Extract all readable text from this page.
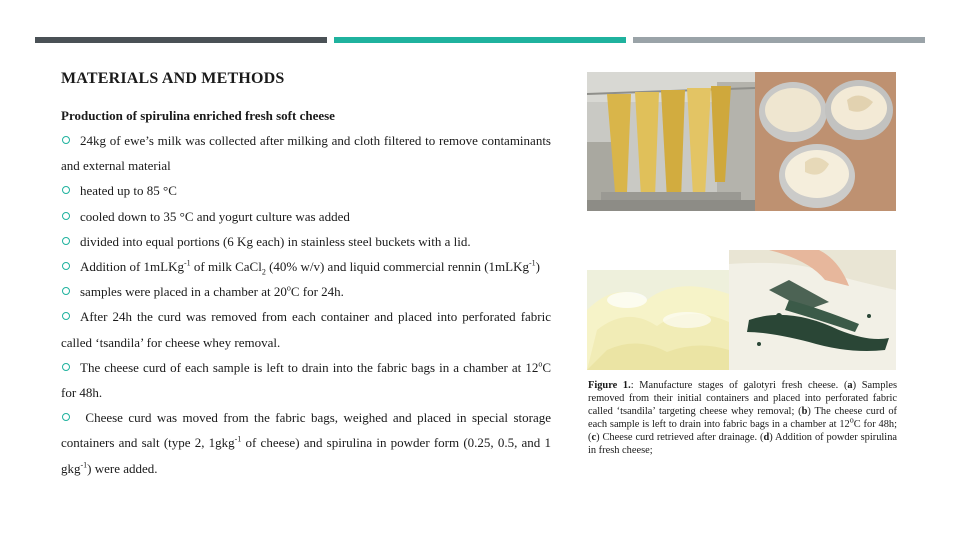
MATERIALS AND METHODS
Production of spirulina enriched fresh soft cheese

24kg of ewe’s milk was collected after milking and cloth filtered to remove contaminants and external material

heated up to 85 °C

cooled down to 35 °C and yogurt culture was added

divided into equal portions (6 Kg each) in stainless steel buckets with a lid.

Addition of 1mLKg$^{-1}$ of milk CaCl$_2$ (40% w/v) and liquid commercial rennin (1mLKg$^{-1}$)

samples were placed in a chamber at 20$^o$C for 24h.

After 24h the curd was removed from each container and placed into perforated fabric called ‘tsandila’ for cheese whey removal.

The cheese curd of each sample is left to drain into the fabric bags in a chamber at 12$^o$C for 48h.

Cheese curd was moved from the fabric bags, weighed and placed in special storage containers and salt (type 2, 1gkg$^{-1}$ of cheese) and spirulina in powder form (0.25, 0.5, and 1 gkg$^{-1}$) were added.

Figure 1.: Manufacture stages of galotyri fresh cheese. (a) Samples removed from their initial containers and placed into perforated fabric called ‘tsandila’ targeting cheese whey removal; (b) The cheese curd of each sample is left to drain into fabric bags in a chamber at 12$^o$C for 48h; (c) Cheese curd retrieved after drainage. (d) Addition of powder spirulina in fresh cheese;
